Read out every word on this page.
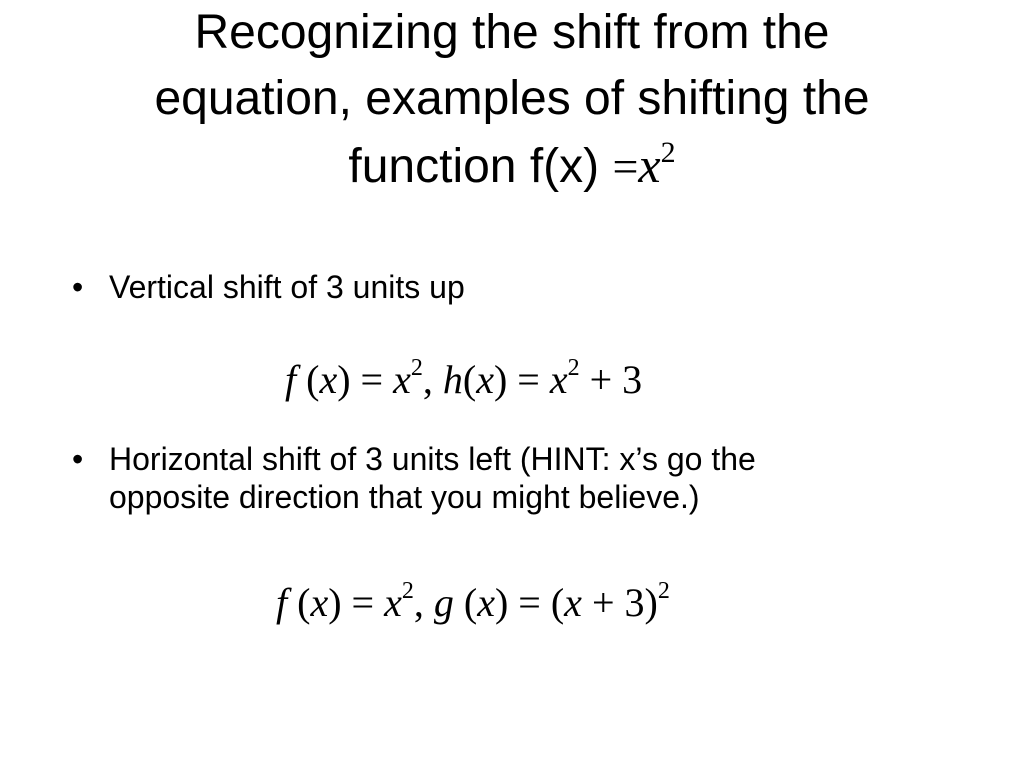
Recognizing the shift from the
equation, examples of shifting the
function $f(x) =x^2$
• Vertical shift of 3 units up
f $(x) = x^2$, $h(x) = x^2 + 3$
• Horizontal shift of 3 units left (HINT: x’s go the
opposite direction that you might believe.)
f $(x) = x^2$, g $(x) = (x + 3)^2$
